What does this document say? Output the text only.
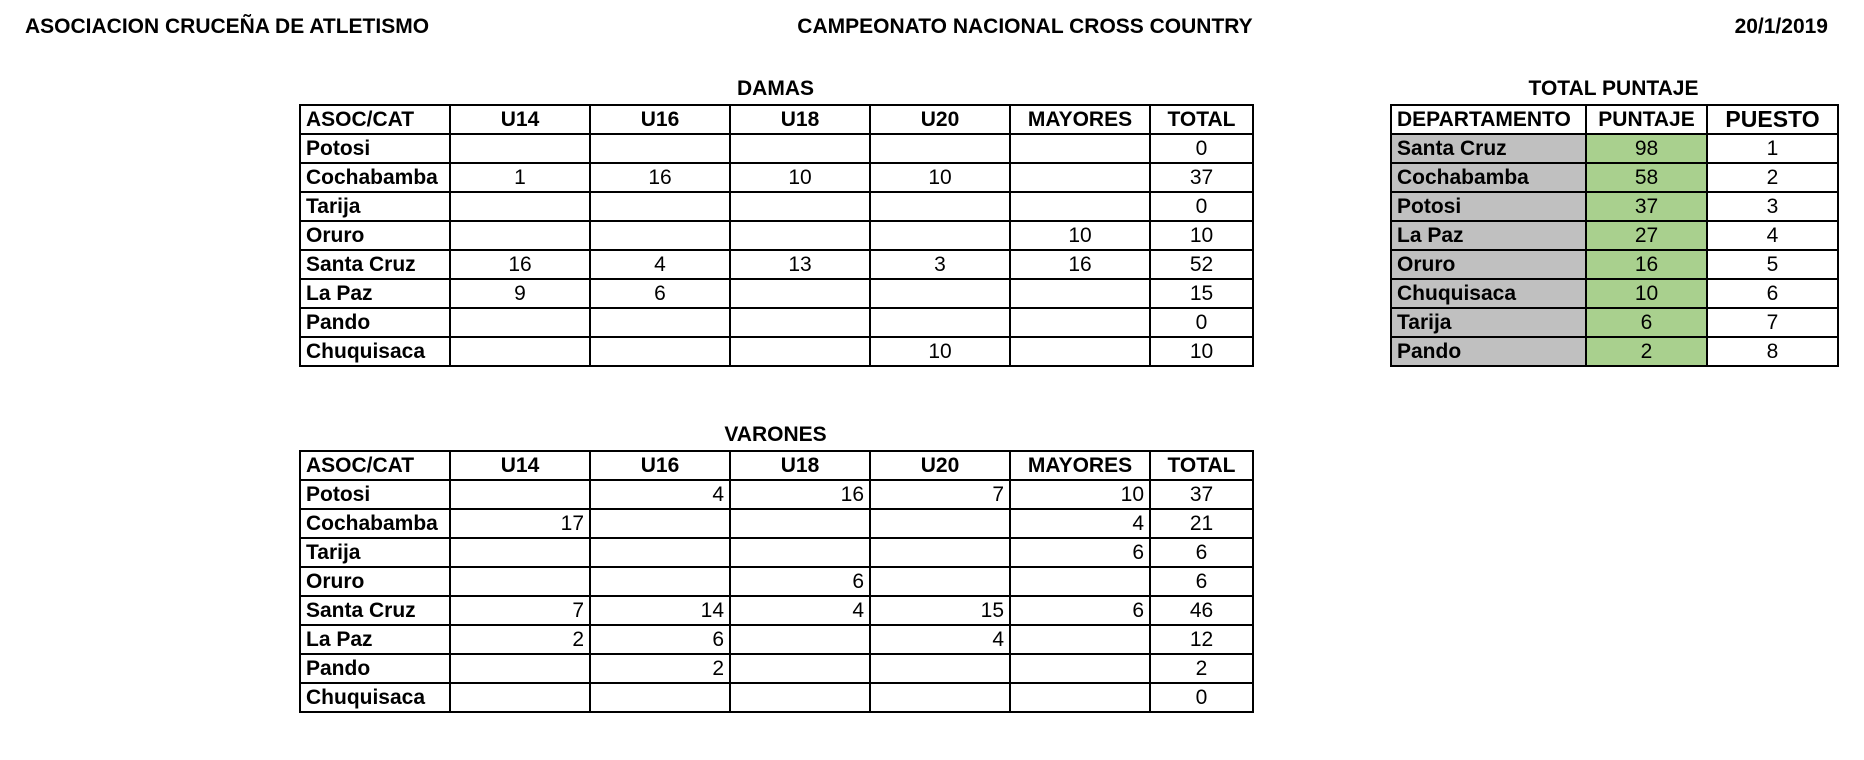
ASOCIACION CRUCEÑA DE ATLETISMO	CAMPEONATO NACIONAL CROSS COUNTRY	20/1/2019
DAMAS
ASOC/CAT	U14	U16	U18	U20	MAYORES	TOTAL
Potosi						0
Cochabamba	1	16	10	10		37
Tarija						0
Oruro					10	10
Santa Cruz	16	4	13	3	16	52
La Paz	9	6				15
Pando						0
Chuquisaca				10		10
VARONES
ASOC/CAT	U14	U16	U18	U20	MAYORES	TOTAL
Potosi		4	16	7	10	37
Cochabamba	17				4	21
Tarija					6	6
Oruro			6			6
Santa Cruz	7	14	4	15	6	46
La Paz	2	6		4		12
Pando		2				2
Chuquisaca						0
TOTAL PUNTAJE
DEPARTAMENTO	PUNTAJE	PUESTO
Santa Cruz	98	1
Cochabamba	58	2
Potosi	37	3
La Paz	27	4
Oruro	16	5
Chuquisaca	10	6
Tarija	6	7
Pando	2	8
